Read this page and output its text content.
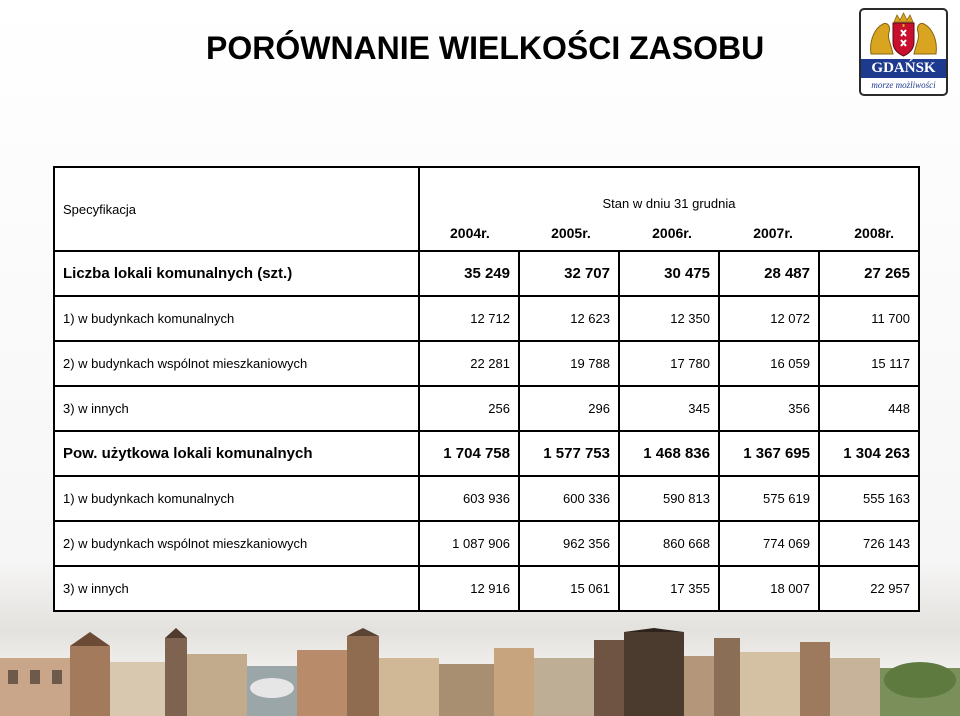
PORÓWNANIE WIELKOŚCI ZASOBU
GDAŃSK
morze możliwości
Specyfikacja	Stan w dniu 31 grudnia				

	2004r. 2005r. 2006r. 2007r. 2008r.				

Liczba lokali komunalnych (szt.)	35 249	32 707	30 475	28 487	27 265
1) w budynkach komunalnych	12 712	12 623	12 350	12 072	11 700
2) w budynkach wspólnot mieszkaniowych	22 281	19 788	17 780	16 059	15 117
3) w innych	256	296	345	356	448
Pow. użytkowa lokali komunalnych	1 704 758	1 577 753	1 468 836	1 367 695	1 304 263
1) w budynkach komunalnych	603 936	600 336	590 813	575 619	555 163
2) w budynkach wspólnot mieszkaniowych	1 087 906	962 356	860 668	774 069	726 143
3) w innych	12 916	15 061	17 355	18 007	22 957
